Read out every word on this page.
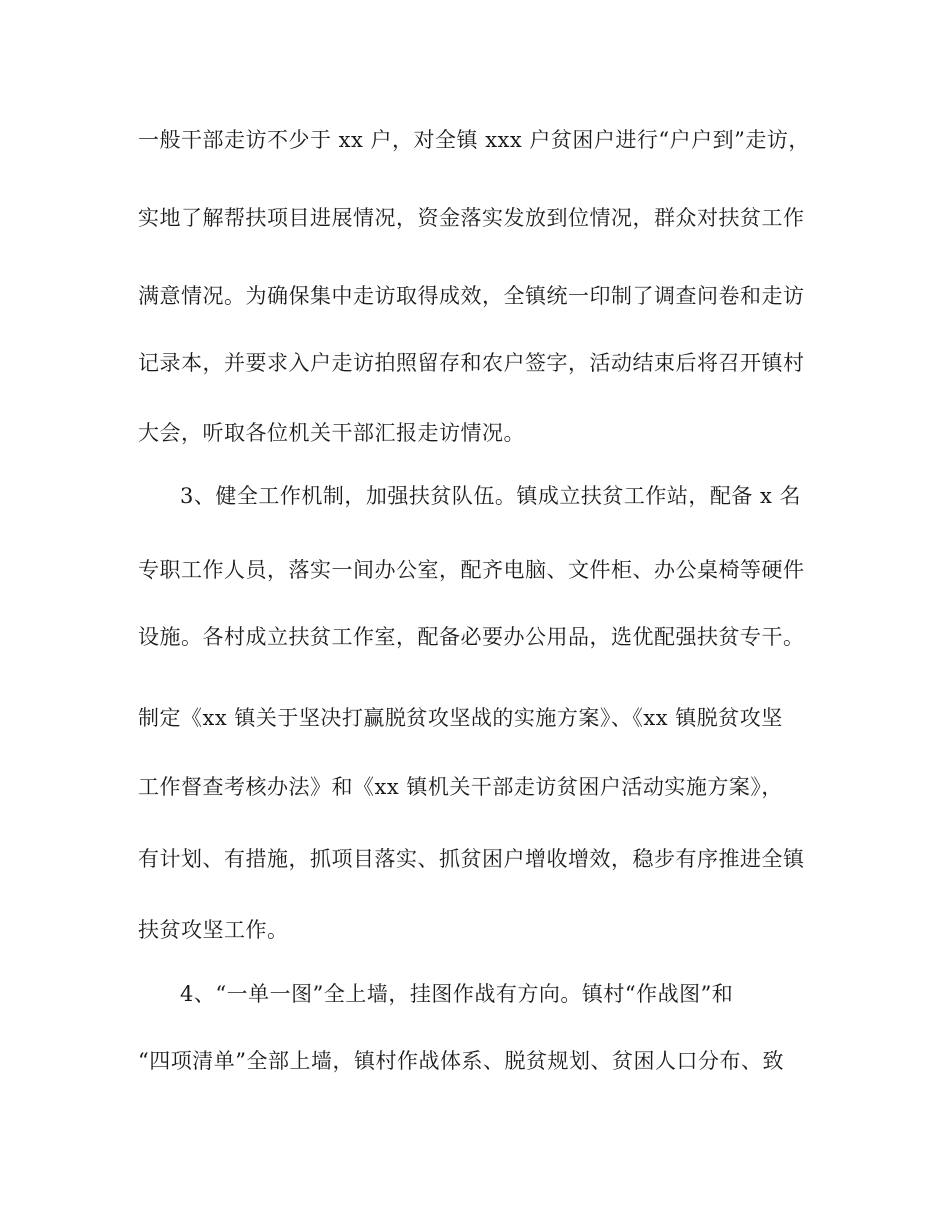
一般干部走访不少于 xx 户，对全镇 xxx 户贫困户进行“户户到”走访，
实地了解帮扶项目进展情况，资金落实发放到位情况，群众对扶贫工作
满意情况。为确保集中走访取得成效，全镇统一印制了调查问卷和走访
记录本，并要求入户走访拍照留存和农户签字，活动结束后将召开镇村
大会，听取各位机关干部汇报走访情况。
3、健全工作机制，加强扶贫队伍。镇成立扶贫工作站，配备 x 名
专职工作人员，落实一间办公室，配齐电脑、文件柜、办公桌椅等硬件
设施。各村成立扶贫工作室，配备必要办公用品，选优配强扶贫专干。
制定《xx 镇关于坚决打赢脱贫攻坚战的实施方案》、《xx 镇脱贫攻坚
工作督查考核办法》和《xx 镇机关干部走访贫困户活动实施方案》，
有计划、有措施，抓项目落实、抓贫困户增收增效，稳步有序推进全镇
扶贫攻坚工作。
4、“一单一图”全上墙，挂图作战有方向。镇村“作战图”和
“四项清单”全部上墙，镇村作战体系、脱贫规划、贫困人口分布、致
